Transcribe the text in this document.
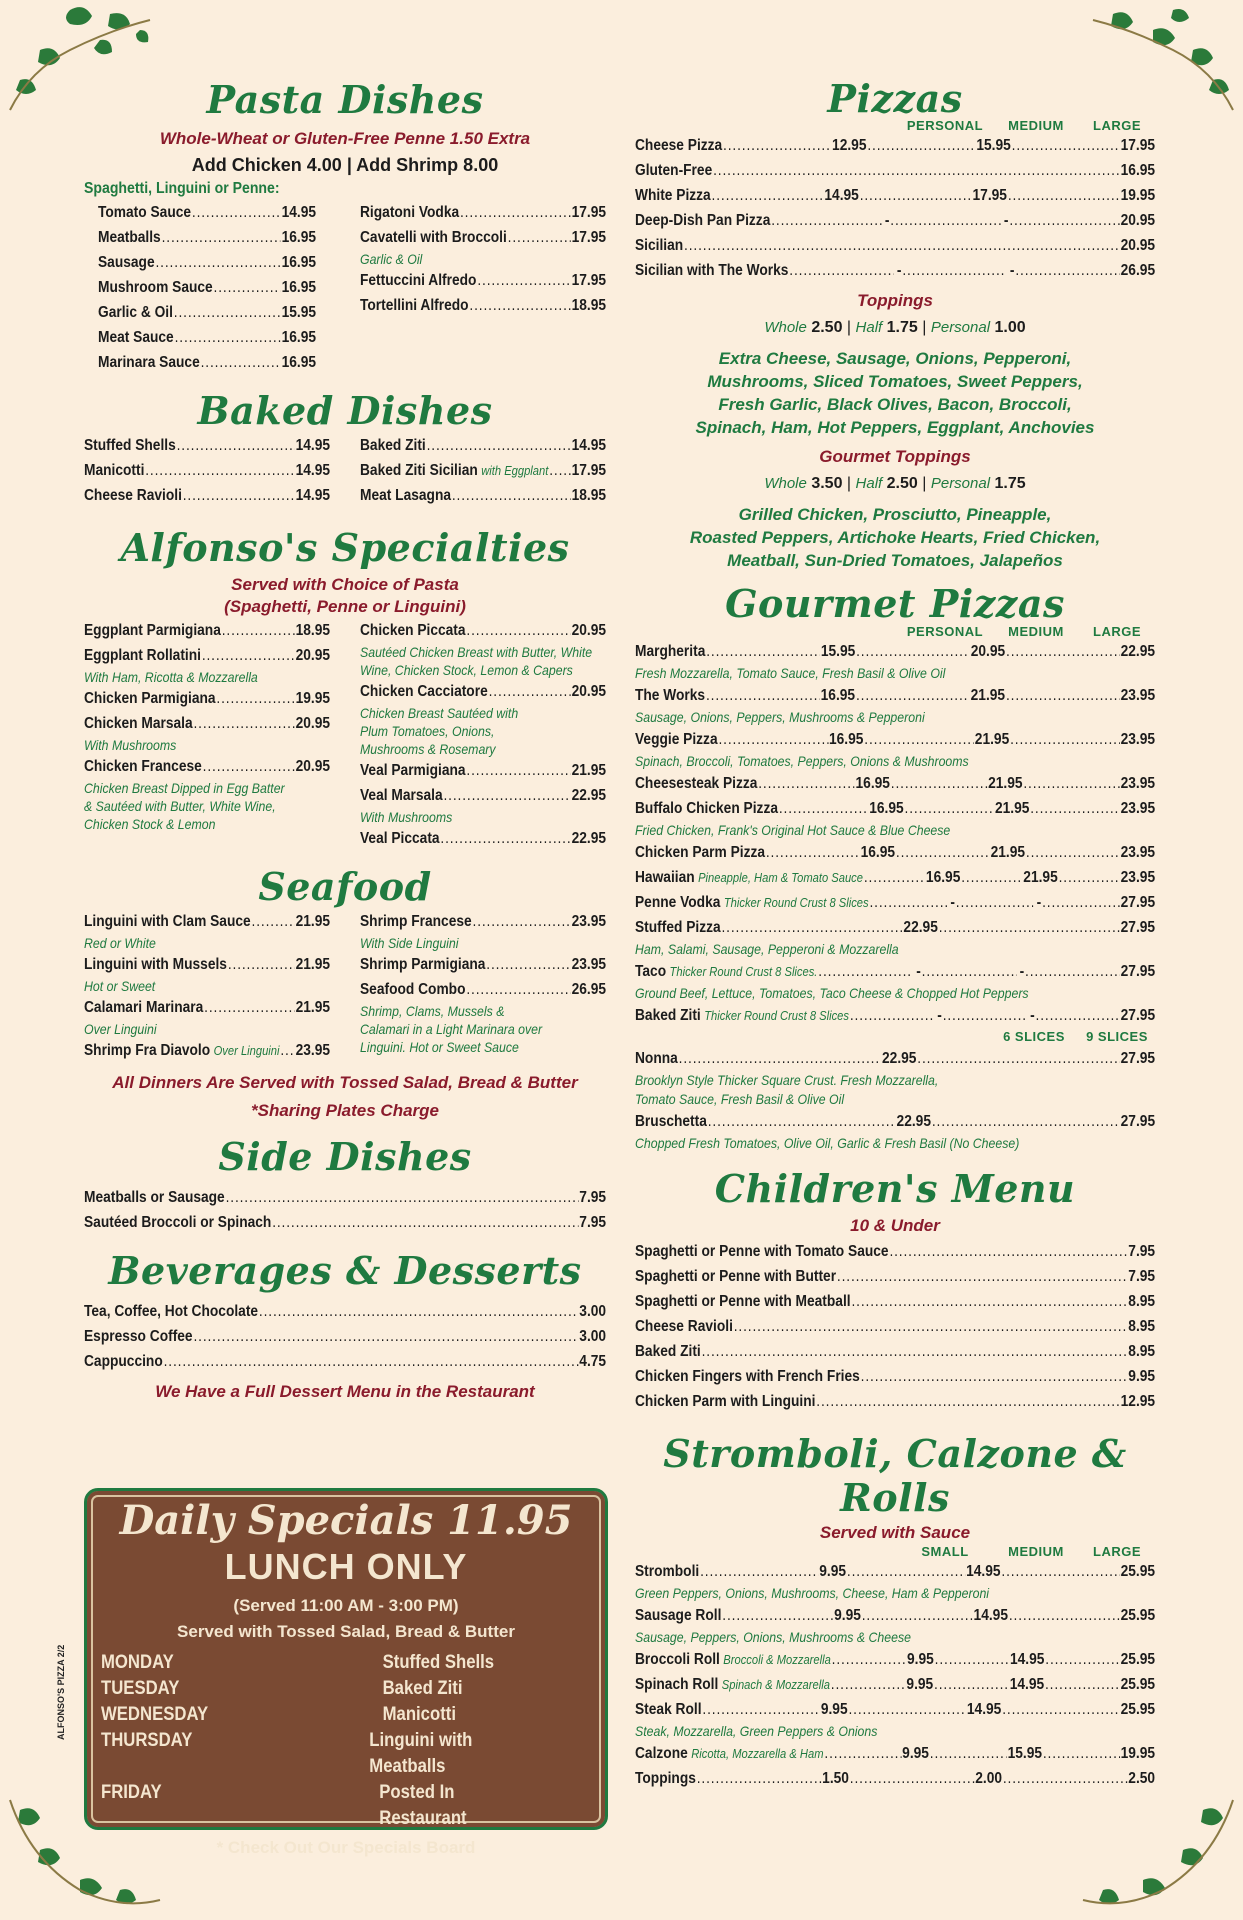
ALFONSO'S PIZZA 2/2
Pasta Dishes
Whole-Wheat or Gluten-Free Penne 1.50 Extra
Add Chicken 4.00 | Add Shrimp 8.00
Spaghetti, Linguini or Penne:
Tomato Sauce .....	14.95
Meatballs .....	16.95
Sausage .....	16.95
Mushroom Sauce .....	16.95
Garlic & Oil .....	15.95
Meat Sauce .....	16.95
Marinara Sauce .....	16.95
Rigatoni Vodka .....	17.95
Cavatelli with Broccoli .....	17.95
Garlic & Oil
Fettuccini Alfredo .....	17.95
Tortellini Alfredo .....	18.95
Baked Dishes
Stuffed Shells .....	14.95
Manicotti .....	14.95
Cheese Ravioli .....	14.95
Baked Ziti .....	14.95
Baked Ziti Sicilian with Eggplant ..... 17.95
Meat Lasagna .....	18.95
Alfonso's Specialties
Served with Choice of Pasta
(Spaghetti, Penne or Linguini)
Eggplant Parmigiana .....	18.95
Eggplant Rollatini .....	20.95
With Ham, Ricotta & Mozzarella
Chicken Parmigiana .....	19.95
Chicken Marsala .....	20.95
With Mushrooms
Chicken Francese .....	20.95
Chicken Breast Dipped in Egg Batter
& Sautéed with Butter, White Wine,
Chicken Stock & Lemon
Chicken Piccata .....	20.95
Sautéed Chicken Breast with Butter, White
Wine, Chicken Stock, Lemon & Capers
Chicken Cacciatore .....	20.95
Chicken Breast Sautéed with
Plum Tomatoes, Onions,
Mushrooms & Rosemary
Veal Parmigiana .....	21.95
Veal Marsala .....	22.95
With Mushrooms
Veal Piccata .....	22.95
Seafood
Linguini with Clam Sauce .....	21.95
Red or White
Linguini with Mussels .....	21.95
Hot or Sweet
Calamari Marinara .....	21.95
Over Linguini
Shrimp Fra Diavolo Over Linguini ..... 23.95
Shrimp Francese .....	23.95
With Side Linguini
Shrimp Parmigiana .....	23.95
Seafood Combo .....	26.95
Shrimp, Clams, Mussels &
Calamari in a Light Marinara over
Linguini. Hot or Sweet Sauce
All Dinners Are Served with Tossed Salad, Bread & Butter
*Sharing Plates Charge
Side Dishes
Meatballs or Sausage .....	7.95
Sautéed Broccoli or Spinach .....	7.95
Beverages & Desserts
Tea, Coffee, Hot Chocolate .....	3.00
Espresso Coffee .....	3.00
Cappuccino .....	4.75
We Have a Full Dessert Menu in the Restaurant
Daily Specials 11.95
LUNCH ONLY
(Served 11:00 AM - 3:00 PM)
Served with Tossed Salad, Bread & Butter
MONDAY	Stuffed Shells
TUESDAY	Baked Ziti
WEDNESDAY	Manicotti
THURSDAY	Linguini with Meatballs
FRIDAY	Posted In Restaurant
* Check Out Our Specials Board
Pizzas
PERSONAL	MEDIUM	LARGE
Cheese Pizza .....	12.95 .....	15.95 .....	17.95
Gluten-Free .....	16.95
White Pizza .....	14.95 .....	17.95 .....	19.95
Deep-Dish Pan Pizza .....	- .....	- .....	20.95
Sicilian .....	20.95
Sicilian with The Works .....	- .....	- .....	26.95
Toppings
Whole 2.50 | Half 1.75 | Personal 1.00
Extra Cheese, Sausage, Onions, Pepperoni,
Mushrooms, Sliced Tomatoes, Sweet Peppers,
Fresh Garlic, Black Olives, Bacon, Broccoli,
Spinach, Ham, Hot Peppers, Eggplant, Anchovies
Gourmet Toppings
Whole 3.50 | Half 2.50 | Personal 1.75
Grilled Chicken, Prosciutto, Pineapple,
Roasted Peppers, Artichoke Hearts, Fried Chicken,
Meatball, Sun-Dried Tomatoes, Jalapeños
Gourmet Pizzas
PERSONAL	MEDIUM	LARGE
Margherita .....	15.95 .....	20.95 .....	22.95
Fresh Mozzarella, Tomato Sauce, Fresh Basil & Olive Oil
The Works .....	16.95 .....	21.95 .....	23.95
Sausage, Onions, Peppers, Mushrooms & Pepperoni
Veggie Pizza .....	16.95 .....	21.95 .....	23.95
Spinach, Broccoli, Tomatoes, Peppers, Onions & Mushrooms
Cheesesteak Pizza .....	16.95 .....	21.95 .....	23.95
Buffalo Chicken Pizza .....	16.95 .....	21.95 .....	23.95
Fried Chicken, Frank's Original Hot Sauce & Blue Cheese
Chicken Parm Pizza .....	16.95 .....	21.95 .....	23.95
Hawaiian Pineapple, Ham & Tomato Sauce .....	16.95 .....	21.95 .....	23.95
Penne Vodka Thicker Round Crust 8 Slices .....	- .....	- .....	27.95
Stuffed Pizza .....	22.95 .....	27.95
Ham, Salami, Sausage, Pepperoni & Mozzarella
Taco Thicker Round Crust 8 Slices. .....	- .....	- .....	27.95
Ground Beef, Lettuce, Tomatoes, Taco Cheese & Chopped Hot Peppers
Baked Ziti Thicker Round Crust 8 Slices .....	- .....	- .....	27.95
6 SLICES	9 SLICES
Nonna .....	22.95 .....	27.95
Brooklyn Style Thicker Square Crust. Fresh Mozzarella,
Tomato Sauce, Fresh Basil & Olive Oil
Bruschetta .....	22.95 .....	27.95
Chopped Fresh Tomatoes, Olive Oil, Garlic & Fresh Basil (No Cheese)
Children's Menu
10 & Under
Spaghetti or Penne with Tomato Sauce .....	7.95
Spaghetti or Penne with Butter .....	7.95
Spaghetti or Penne with Meatball .....	8.95
Cheese Ravioli .....	8.95
Baked Ziti .....	8.95
Chicken Fingers with French Fries .....	9.95
Chicken Parm with Linguini .....	12.95
Stromboli, Calzone & Rolls
Served with Sauce
SMALL	MEDIUM	LARGE
Stromboli .....	9.95 .....	14.95 .....	25.95
Green Peppers, Onions, Mushrooms, Cheese, Ham & Pepperoni
Sausage Roll .....	9.95 .....	14.95 .....	25.95
Sausage, Peppers, Onions, Mushrooms & Cheese
Broccoli Roll Broccoli & Mozzarella .....	9.95 .....	14.95 .....	25.95
Spinach Roll Spinach & Mozzarella .....	9.95 .....	14.95 .....	25.95
Steak Roll .....	9.95 .....	14.95 .....	25.95
Steak, Mozzarella, Green Peppers & Onions
Calzone Ricotta, Mozzarella & Ham .....	9.95 .....	15.95 .....	19.95
Toppings .....	1.50 .....	2.00 .....	2.50
